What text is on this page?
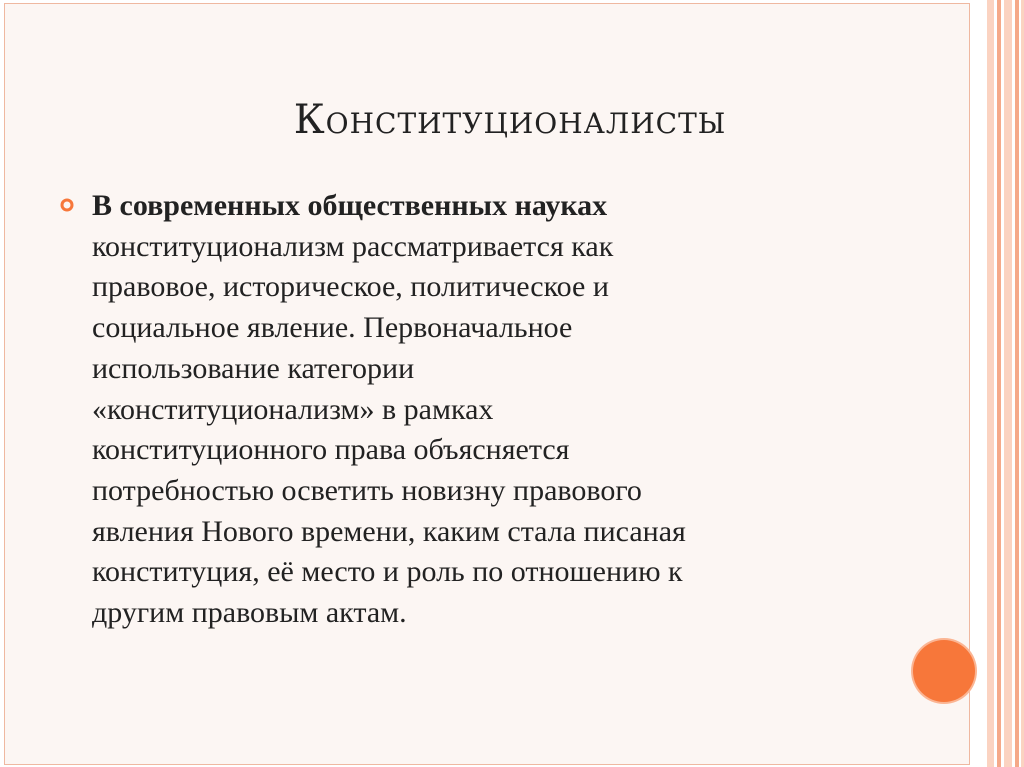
Конституционалисты

В современных общественных науках
конституционализм рассматривается как
правовое, историческое, политическое и
социальное явление. Первоначальное
использование категории
«конституционализм» в рамках
конституционного права объясняется
потребностью осветить новизну правового
явления Нового времени, каким стала писаная
конституция, её место и роль по отношению к
другим правовым актам.
